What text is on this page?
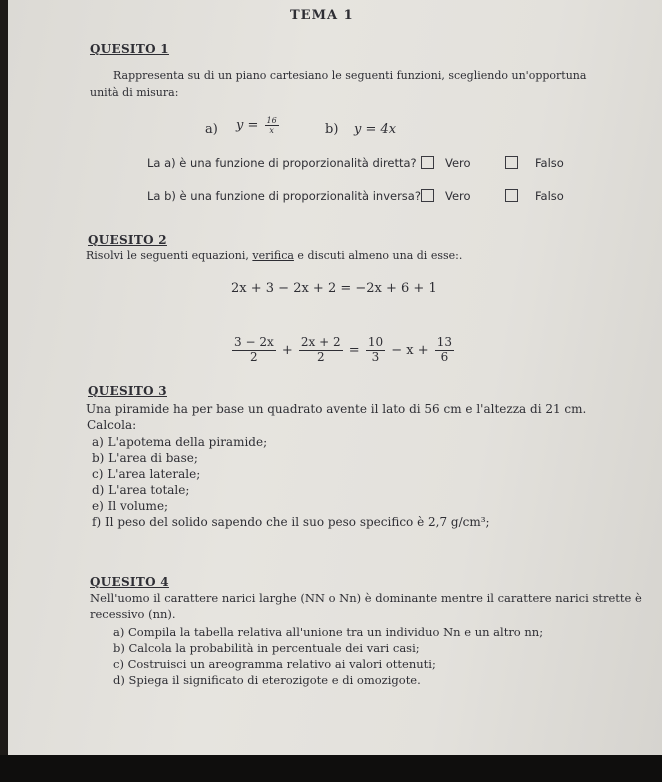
TEMA 1
QUESITO 1
Rappresenta su di un piano cartesiano le seguenti funzioni, scegliendo un'opportuna
unità di misura:
a) $y = \frac{16}{x}$	b) y = 4x
La a) è una funzione di proporzionalità diretta? Vero	Falso
La b) è una funzione di proporzionalità inversa? Vero	Falso
QUESITO 2
Risolvi le seguenti equazioni, verifica e discuti almeno una di esse:.
2x + 3 − 2x + 2 = −2x + 6 + 1
$\frac{3 - 2x}{2} + \frac{2x + 2}{2} = \frac{10}{3} - x + \frac{13}{6}$
QUESITO 3
Una piramide ha per base un quadrato avente il lato di 56 cm e l'altezza di 21 cm.
Calcola:
a) L'apotema della piramide;
b) L'area di base;
c) L'area laterale;
d) L'area totale;
e) Il volume;
f) Il peso del solido sapendo che il suo peso specifico è 2,7 g/cm³;
QUESITO 4
Nell'uomo il carattere narici larghe (NN o Nn) è dominante mentre il carattere narici strette è
recessivo (nn).
a) Compila la tabella relativa all'unione tra un individuo Nn e un altro nn;
b) Calcola la probabilità in percentuale dei vari casi;
c) Costruisci un areogramma relativo ai valori ottenuti;
d) Spiega il significato di eterozigote e di omozigote.
